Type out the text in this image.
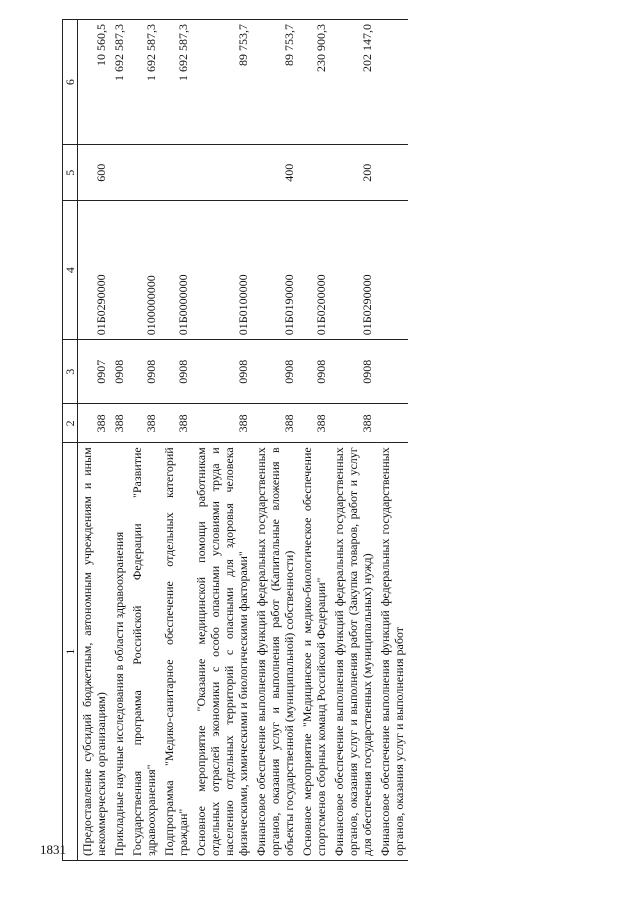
1831
1	2	3	4	5	6
(Предоставление субсидий бюджетным, автономным учреждениям и иным некоммерческим организациям)	388	0907	01Б0290000	600	10 560,5
Прикладные научные исследования в области здравоохранения	388	0908			1 692 587,3
Государственная программа Российской Федерации "Развитие здравоохранения"	388	0908	0100000000		1 692 587,3
Подпрограмма "Медико-санитарное обеспечение отдельных категорий граждан"	388	0908	01Б0000000		1 692 587,3
Основное мероприятие "Оказание медицинской помощи работникам отдельных отраслей экономики с особо опасными условиями труда и населению отдельных территорий с опасными для здоровья человека физическими, химическими и биологическими факторами"	388	0908	01Б0100000		89 753,7
Финансовое обеспечение выполнения функций федеральных государственных органов, оказания услуг и выполнения работ (Капитальные вложения в объекты государственной (муниципальной) собственности)	388	0908	01Б0190000	400	89 753,7
Основное мероприятие "Медицинское и медико-биологическое обеспечение спортсменов сборных команд Российской Федерации"	388	0908	01Б0200000		230 900,3
Финансовое обеспечение выполнения функций федеральных государственных органов, оказания услуг и выполнения работ (Закупка товаров, работ и услуг для обеспечения государственных (муниципальных) нужд)	388	0908	01Б0290000	200	202 147,0
Финансовое обеспечение выполнения функций федеральных государственных органов, оказания услуг и выполнения работ					
